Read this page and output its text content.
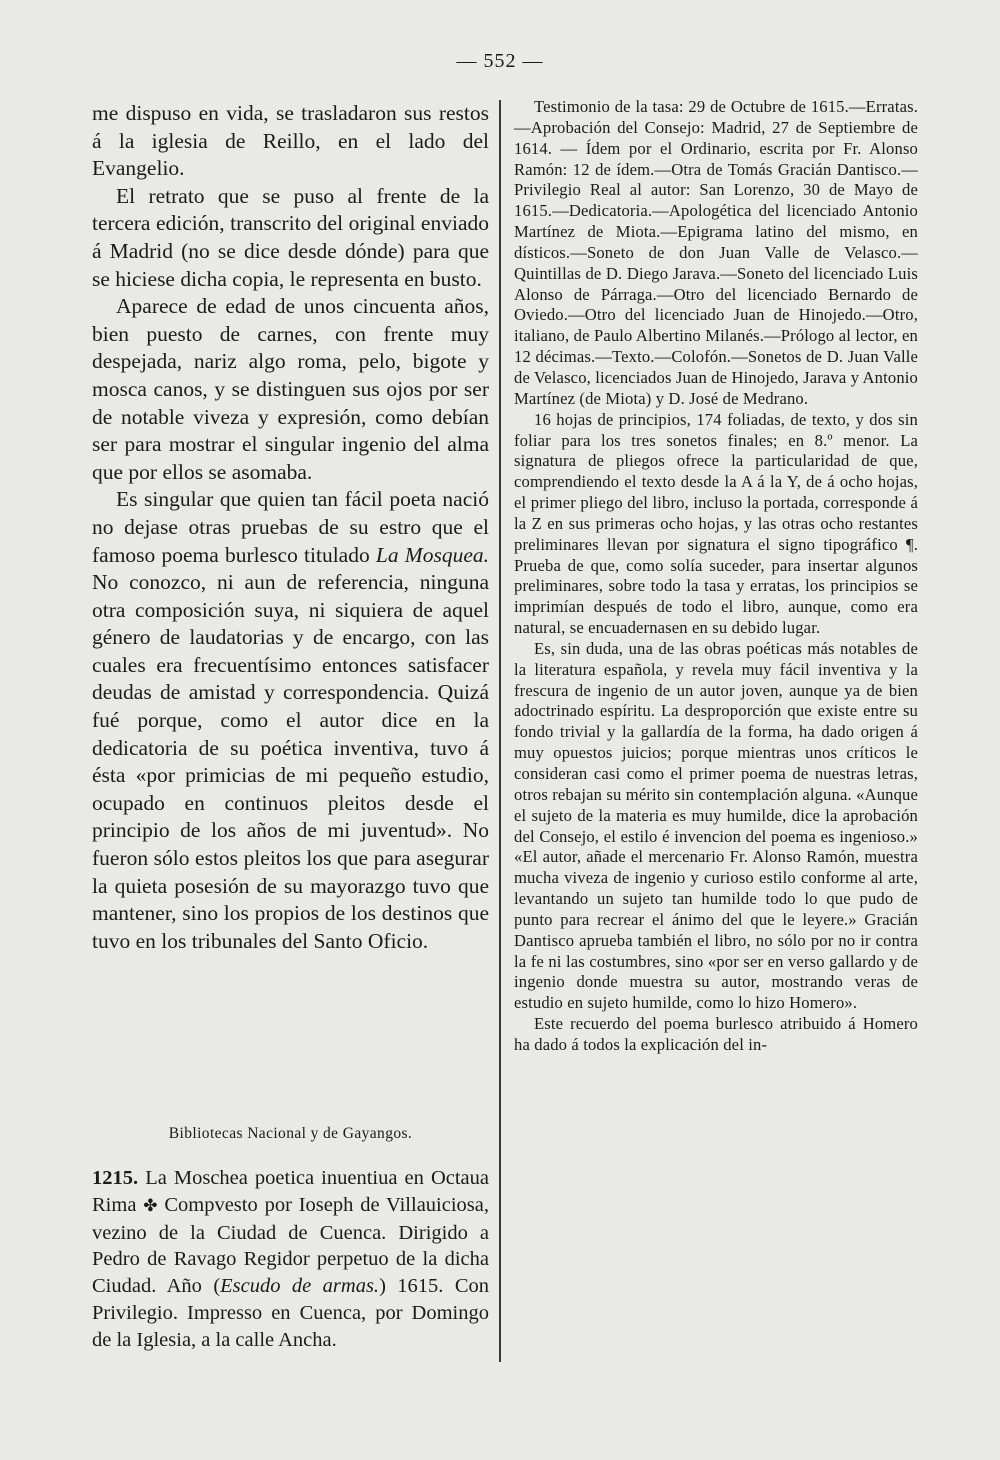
— 552 —

me dispuso en vida, se trasladaron sus restos á la iglesia de Reillo, en el lado del Evangelio.

El retrato que se puso al frente de la tercera edición, transcrito del original enviado á Madrid (no se dice desde dónde) para que se hiciese dicha copia, le representa en busto.

Aparece de edad de unos cincuenta años, bien puesto de carnes, con frente muy despejada, nariz algo roma, pelo, bigote y mosca canos, y se distinguen sus ojos por ser de notable viveza y expresión, como debían ser para mostrar el singular ingenio del alma que por ellos se asomaba.

Es singular que quien tan fácil poeta nació no dejase otras pruebas de su estro que el famoso poema burlesco titulado La Mosquea. No conozco, ni aun de referencia, ninguna otra composición suya, ni siquiera de aquel género de laudatorias y de encargo, con las cuales era frecuentísimo entonces satisfacer deudas de amistad y correspondencia. Quizá fué porque, como el autor dice en la dedicatoria de su poética inventiva, tuvo á ésta «por primicias de mi pequeño estudio, ocupado en continuos pleitos desde el principio de los años de mi juventud». No fueron sólo estos pleitos los que para asegurar la quieta posesión de su mayorazgo tuvo que mantener, sino los propios de los destinos que tuvo en los tribunales del Santo Oficio.

Bibliotecas Nacional y de Gayangos.

1215. La Moschea poetica inuentiua en Octaua Rima ✤ Compvesto por Ioseph de Villauiciosa, vezino de la Ciudad de Cuenca. Dirigido a Pedro de Ravago Regidor perpetuo de la dicha Ciudad. Año (Escudo de armas.) 1615. Con Privilegio. Impresso en Cuenca, por Domingo de la Iglesia, a la calle Ancha.

Testimonio de la tasa: 29 de Octubre de 1615.—Erratas.—Aprobación del Consejo: Madrid, 27 de Septiembre de 1614. — Ídem por el Ordinario, escrita por Fr. Alonso Ramón: 12 de ídem.—Otra de Tomás Gracián Dantisco.—Privilegio Real al autor: San Lorenzo, 30 de Mayo de 1615.—Dedicatoria.—Apologética del licenciado Antonio Martínez de Miota.—Epigrama latino del mismo, en dísticos.—Soneto de don Juan Valle de Velasco.—Quintillas de D. Diego Jarava.—Soneto del licenciado Luis Alonso de Párraga.—Otro del licenciado Bernardo de Oviedo.—Otro del licenciado Juan de Hinojedo.—Otro, italiano, de Paulo Albertino Milanés.—Prólogo al lector, en 12 décimas.—Texto.—Colofón.—Sonetos de D. Juan Valle de Velasco, licenciados Juan de Hinojedo, Jarava y Antonio Martínez (de Miota) y D. José de Medrano.

16 hojas de principios, 174 foliadas, de texto, y dos sin foliar para los tres sonetos finales; en 8.º menor. La signatura de pliegos ofrece la particularidad de que, comprendiendo el texto desde la A á la Y, de á ocho hojas, el primer pliego del libro, incluso la portada, corresponde á la Z en sus primeras ocho hojas, y las otras ocho restantes preliminares llevan por signatura el signo tipográfico ¶. Prueba de que, como solía suceder, para insertar algunos preliminares, sobre todo la tasa y erratas, los principios se imprimían después de todo el libro, aunque, como era natural, se encuadernasen en su debido lugar.

Es, sin duda, una de las obras poéticas más notables de la literatura española, y revela muy fácil inventiva y la frescura de ingenio de un autor joven, aunque ya de bien adoctrinado espíritu. La desproporción que existe entre su fondo trivial y la gallardía de la forma, ha dado origen á muy opuestos juicios; porque mientras unos críticos le consideran casi como el primer poema de nuestras letras, otros rebajan su mérito sin contemplación alguna. «Aunque el sujeto de la materia es muy humilde, dice la aprobación del Consejo, el estilo é invencion del poema es ingenioso.» «El autor, añade el mercenario Fr. Alonso Ramón, muestra mucha viveza de ingenio y curioso estilo conforme al arte, levantando un sujeto tan humilde todo lo que pudo de punto para recrear el ánimo del que le leyere.» Gracián Dantisco aprueba también el libro, no sólo por no ir contra la fe ni las costumbres, sino «por ser en verso gallardo y de ingenio donde muestra su autor, mostrando veras de estudio en sujeto humilde, como lo hizo Homero».

Este recuerdo del poema burlesco atribuido á Homero ha dado á todos la explicación del in-
